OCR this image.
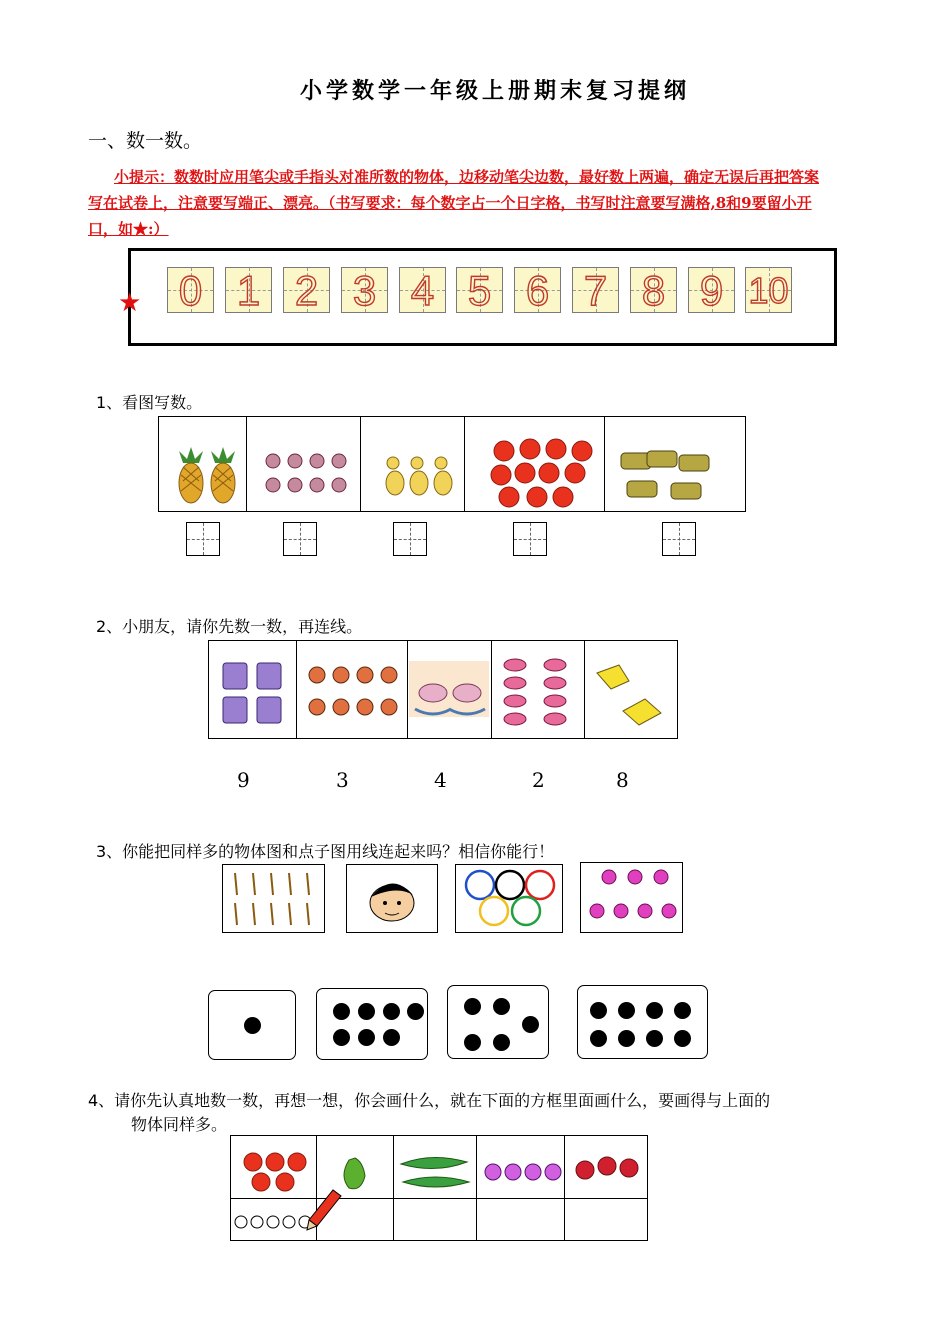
小学数学一年级上册期末复习提纲
一、数一数。
小提示：数数时应用笔尖或手指头对准所数的物体，边移动笔尖边数，最好数上两遍，确定无误后再把答案
写在试卷上，注意要写端正、漂亮。（书写要求：每个数字占一个日字格，书写时注意要写满格,8和9要留小开
口，如★:）
0 1 2 3 4 5 6 7 8 9 10
★
1、看图写数。
2、小朋友，请你先数一数，再连线。
9	3	4	2	8
3、你能把同样多的物体图和点子图用线连起来吗？相信你能行！
4、请你先认真地数一数，再想一想，你会画什么，就在下面的方框里面画什么，要画得与上面的
物体同样多。
